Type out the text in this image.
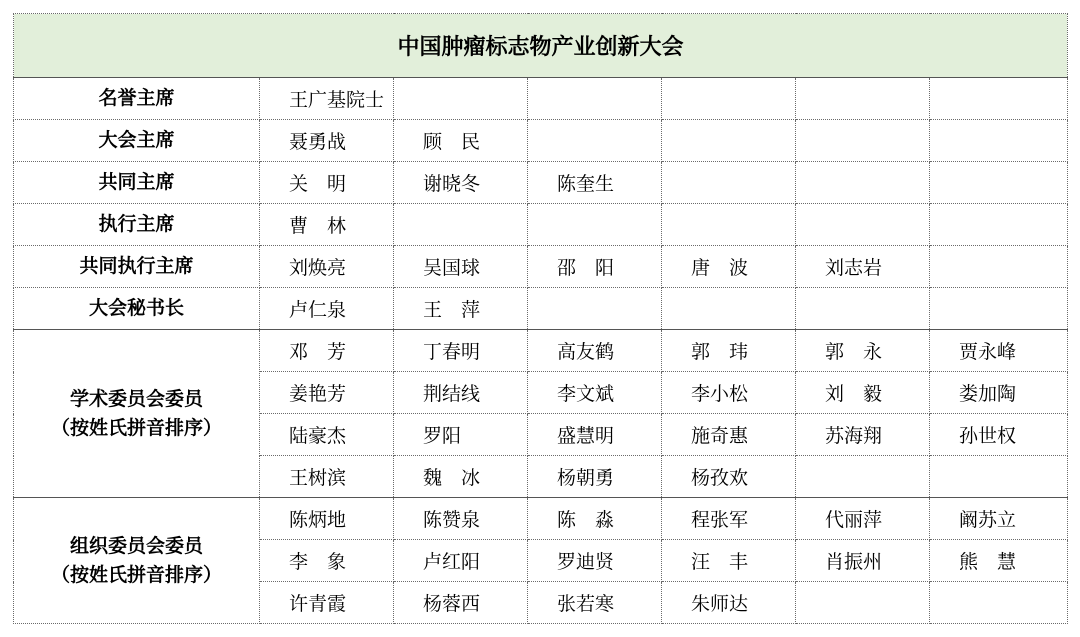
中国肿瘤标志物产业创新大会						
名誉主席	王广基院士					
大会主席	聂勇战	顾　民				
共同主席	关　明	谢晓冬	陈奎生			
执行主席	曹　林					
共同执行主席	刘焕亮	吴国球	邵　阳	唐　波	刘志岩	
大会秘书长	卢仁泉	王　萍				

学术委员会委员
（按姓氏拼音排序）	邓　芳	丁春明	高友鹤	郭　玮	郭　永	贾永峰
	姜艳芳	荆结线	李文斌	李小松	刘　毅	娄加陶
	陆豪杰	罗阳	盛慧明	施奇惠	苏海翔	孙世权
	王树滨	魏　冰	杨朝勇	杨孜欢		

组织委员会委员
（按姓氏拼音排序）	陈炳地	陈赞泉	陈　淼	程张军	代丽萍	阚苏立
	李　象	卢红阳	罗迪贤	汪　丰	肖振州	熊　慧
	许青霞	杨蓉西	张若寒	朱师达		
